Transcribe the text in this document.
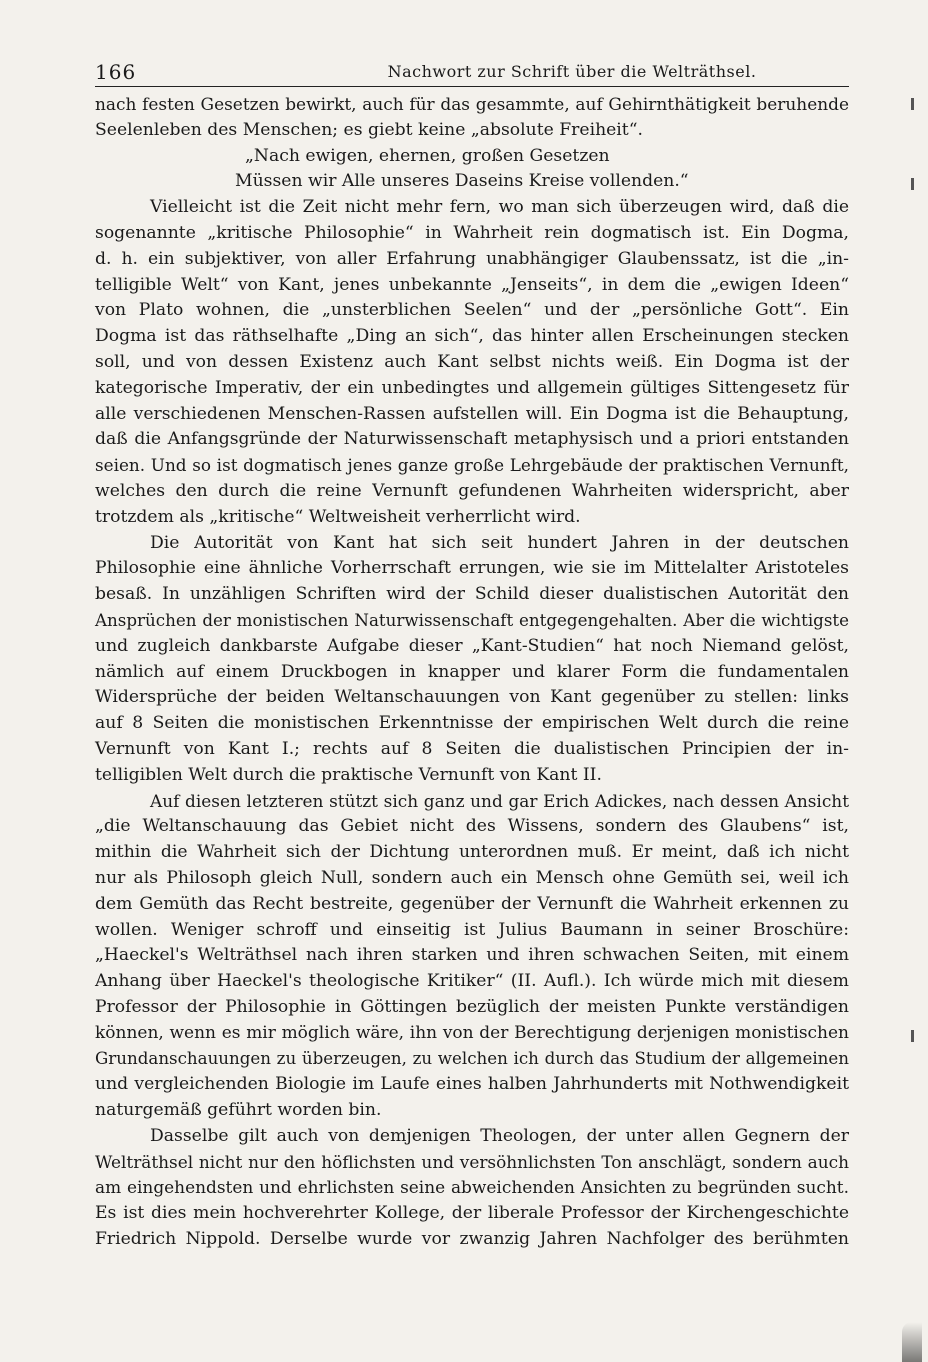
166	Nachwort zur Schrift über die Welträthsel.
nach festen Gesetzen bewirkt, auch für das gesammte, auf Gehirnthätigkeit beruhende
Seelenleben des Menschen; es giebt keine „absolute Freiheit“.
„Nach ewigen, ehernen, großen Gesetzen
Müssen wir Alle unseres Daseins Kreise vollenden.“
Vielleicht ist die Zeit nicht mehr fern, wo man sich überzeugen wird, daß die
sogenannte „kritische Philosophie“ in Wahrheit rein dogmatisch ist. Ein Dogma,
d. h. ein subjektiver, von aller Erfahrung unabhängiger Glaubenssatz, ist die „in-
telligible Welt“ von Kant, jenes unbekannte „Jenseits“, in dem die „ewigen Ideen“
von Plato wohnen, die „unsterblichen Seelen“ und der „persönliche Gott“. Ein
Dogma ist das räthselhafte „Ding an sich“, das hinter allen Erscheinungen stecken
soll, und von dessen Existenz auch Kant selbst nichts weiß. Ein Dogma ist der
kategorische Imperativ, der ein unbedingtes und allgemein gültiges Sittengesetz für
alle verschiedenen Menschen-Rassen aufstellen will. Ein Dogma ist die Behauptung,
daß die Anfangsgründe der Naturwissenschaft metaphysisch und a priori entstanden
seien. Und so ist dogmatisch jenes ganze große Lehrgebäude der praktischen Vernunft,
welches den durch die reine Vernunft gefundenen Wahrheiten widerspricht, aber
trotzdem als „kritische“ Weltweisheit verherrlicht wird.
Die Autorität von Kant hat sich seit hundert Jahren in der deutschen
Philosophie eine ähnliche Vorherrschaft errungen, wie sie im Mittelalter Aristoteles
besaß. In unzähligen Schriften wird der Schild dieser dualistischen Autorität den
Ansprüchen der monistischen Naturwissenschaft entgegengehalten. Aber die wichtigste
und zugleich dankbarste Aufgabe dieser „Kant-Studien“ hat noch Niemand gelöst,
nämlich auf einem Druckbogen in knapper und klarer Form die fundamentalen
Widersprüche der beiden Weltanschauungen von Kant gegenüber zu stellen: links
auf 8 Seiten die monistischen Erkenntnisse der empirischen Welt durch die reine
Vernunft von Kant I.; rechts auf 8 Seiten die dualistischen Principien der in-
telligiblen Welt durch die praktische Vernunft von Kant II.
Auf diesen letzteren stützt sich ganz und gar Erich Adickes, nach dessen Ansicht
„die Weltanschauung das Gebiet nicht des Wissens, sondern des Glaubens“ ist,
mithin die Wahrheit sich der Dichtung unterordnen muß. Er meint, daß ich nicht
nur als Philosoph gleich Null, sondern auch ein Mensch ohne Gemüth sei, weil ich
dem Gemüth das Recht bestreite, gegenüber der Vernunft die Wahrheit erkennen zu
wollen. Weniger schroff und einseitig ist Julius Baumann in seiner Broschüre:
„Haeckel's Welträthsel nach ihren starken und ihren schwachen Seiten, mit einem
Anhang über Haeckel's theologische Kritiker“ (II. Aufl.). Ich würde mich mit diesem
Professor der Philosophie in Göttingen bezüglich der meisten Punkte verständigen
können, wenn es mir möglich wäre, ihn von der Berechtigung derjenigen monistischen
Grundanschauungen zu überzeugen, zu welchen ich durch das Studium der allgemeinen
und vergleichenden Biologie im Laufe eines halben Jahrhunderts mit Nothwendigkeit
naturgemäß geführt worden bin.
Dasselbe gilt auch von demjenigen Theologen, der unter allen Gegnern der
Welträthsel nicht nur den höflichsten und versöhnlichsten Ton anschlägt, sondern auch
am eingehendsten und ehrlichsten seine abweichenden Ansichten zu begründen sucht.
Es ist dies mein hochverehrter Kollege, der liberale Professor der Kirchengeschichte
Friedrich Nippold. Derselbe wurde vor zwanzig Jahren Nachfolger des berühmten
